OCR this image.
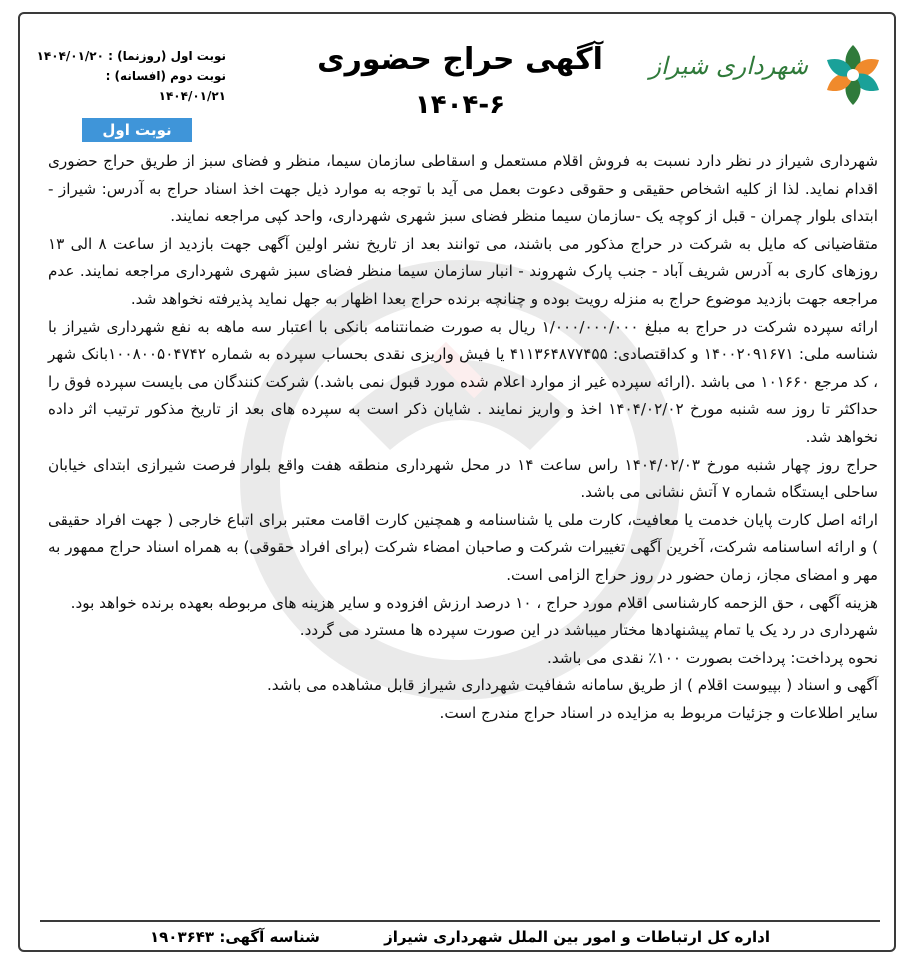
شهرداری شیراز
آگهی حراج حضوری
۱۴۰۴-۶
نوبت اول (روزنما) : ۱۴۰۴/۰۱/۲۰
نوبت دوم (افسانه) : ۱۴۰۴/۰۱/۲۱
نوبت اول

شهرداری شیراز در نظر دارد نسبت به فروش اقلام مستعمل و اسقاطی سازمان سیما، منظر و فضای سبز از طریق حراج حضوری اقدام نماید. لذا از کلیه اشخاص حقیقی و حقوقی دعوت بعمل می آید با توجه به موارد ذیل جهت اخذ اسناد حراج به آدرس: شیراز - ابتدای بلوار چمران - قبل از کوچه یک -سازمان سیما منظر فضای سبز شهری شهرداری، واحد کپی مراجعه نمایند.

متقاضیانی که مایل به شرکت در حراج مذکور می باشند، می توانند بعد از تاریخ نشر اولین آگهی جهت بازدید از ساعت ۸ الی ۱۳ روزهای کاری به آدرس شریف آباد - جنب پارک شهروند - انبار سازمان سیما منظر فضای سبز شهری شهرداری مراجعه نمایند. عدم مراجعه جهت بازدید موضوع حراج به منزله رویت بوده و چنانچه برنده حراج بعدا اظهار به جهل نماید پذیرفته نخواهد شد.

ارائه سپرده شرکت در حراج به مبلغ ۱/۰۰۰/۰۰۰/۰۰۰ ریال به صورت ضمانتنامه بانکی با اعتبار سه ماهه به نفع شهرداری شیراز با شناسه ملی: ۱۴۰۰۲۰۹۱۶۷۱ و کداقتصادی: ۴۱۱۳۶۴۸۷۷۴۵۵ یا فیش واریزی نقدی بحساب سپرده به شماره ۱۰۰۸۰۰۵۰۴۷۴۲بانک شهر ، کد مرجع ۱۰۱۶۶۰ می باشد .(ارائه سپرده غیر از موارد اعلام شده مورد قبول نمی باشد.) شرکت کنندگان می بایست سپرده فوق را حداکثر تا روز سه شنبه مورخ ۱۴۰۴/۰۲/۰۲ اخذ و واریز نمایند . شایان ذکر است به سپرده های بعد از تاریخ مذکور ترتیب اثر داده نخواهد شد.

حراج روز چهار شنبه مورخ ۱۴۰۴/۰۲/۰۳ راس ساعت ۱۴ در محل شهرداری منطقه هفت واقع بلوار فرصت شیرازی ابتدای خیابان ساحلی ایستگاه شماره ۷ آتش نشانی می باشد.

ارائه اصل کارت پایان خدمت یا معافیت، کارت ملی یا شناسنامه و همچنین کارت اقامت معتبر برای اتباع خارجی ( جهت افراد حقیقی ) و ارائه اساسنامه شرکت، آخرین آگهی تغییرات شرکت و صاحبان امضاء شرکت (برای افراد حقوقی) به همراه اسناد حراج ممهور به مهر و امضای مجاز، زمان حضور در روز حراج الزامی است.

هزینه آگهی ، حق الزحمه کارشناسی اقلام مورد حراج ، ۱۰ درصد ارزش افزوده و سایر هزینه های مربوطه بعهده برنده خواهد بود.

شهرداری در رد یک یا تمام پیشنهادها مختار میباشد در این صورت سپرده ها مسترد می گردد.

نحوه پرداخت: پرداخت بصورت ۱۰۰٪ نقدی می باشد.

آگهی و اسناد ( بپیوست اقلام ) از طریق سامانه شفافیت شهرداری شیراز قابل مشاهده می باشد.

سایر اطلاعات و جزئیات مربوط به مزایده در اسناد حراج مندرج است.

اداره کل ارتباطات و امور بین الملل شهرداری شیراز
شناسه آگهی: ۱۹۰۳۶۴۳
